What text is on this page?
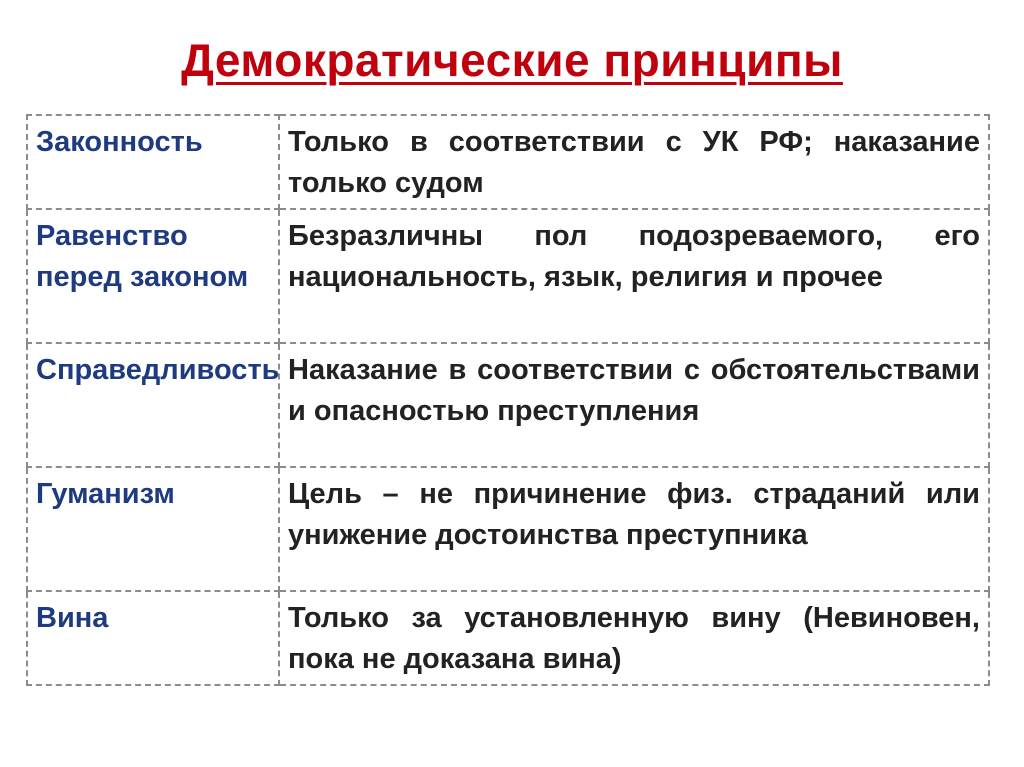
Демократические принципы
Законность	Только в соответствии с УК РФ; наказание только судом
Равенство перед законом	Безразличны пол подозреваемого, его национальность, язык, религия и прочее
Справедливость	Наказание в соответствии с обстоятельствами и опасностью преступления
Гуманизм	Цель – не причинение физ. страданий или унижение достоинства преступника
Вина	Только за установленную вину (Невиновен, пока не доказана вина)
